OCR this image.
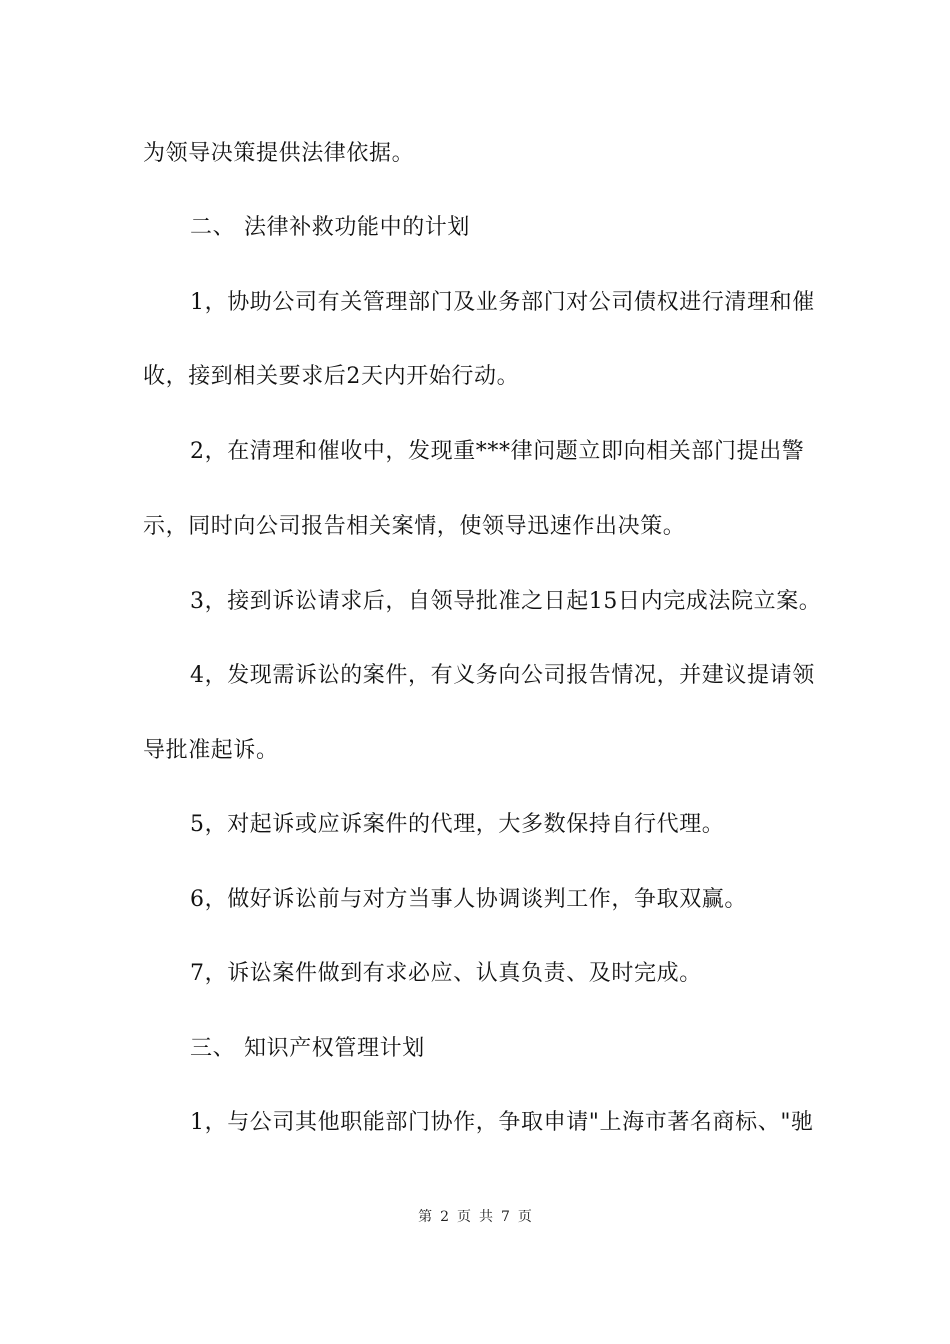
为领导决策提供法律依据。
二、 法律补救功能中的计划
1，协助公司有关管理部门及业务部门对公司债权进行清理和催
收，接到相关要求后2天内开始行动。
2，在清理和催收中，发现重***律问题立即向相关部门提出警
示，同时向公司报告相关案情，使领导迅速作出决策。
3，接到诉讼请求后，自领导批准之日起15日内完成法院立案。
4，发现需诉讼的案件，有义务向公司报告情况，并建议提请领
导批准起诉。
5，对起诉或应诉案件的代理，大多数保持自行代理。
6，做好诉讼前与对方当事人协调谈判工作，争取双赢。
7，诉讼案件做到有求必应、认真负责、及时完成。
三、 知识产权管理计划
1，与公司其他职能部门协作，争取申请"上海市著名商标、"驰
第 2 页 共 7 页
